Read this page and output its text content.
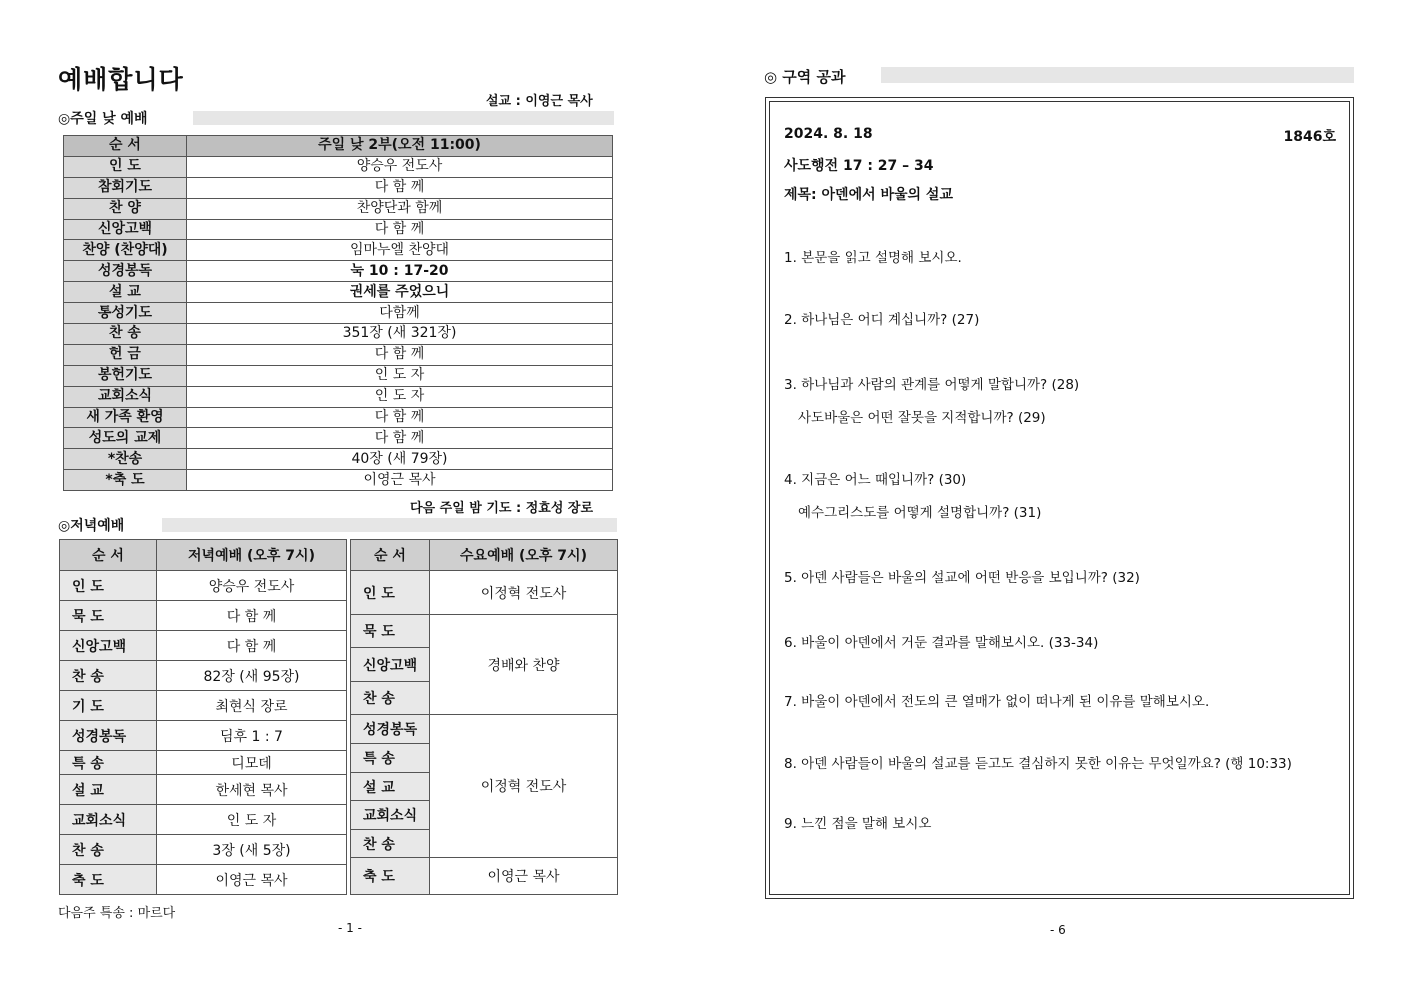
예배합니다
설교 : 이영근 목사
◎주일 낮 예배
순 서	주일 낮 2부(오전 11:00)
인 도	양승우 전도사
참회기도	다 함 께
찬 양	찬양단과 함께
신앙고백	다 함 께
찬양 (찬양대)	임마누엘 찬양대
성경봉독	눅 10 : 17-20
설 교	권세를 주었으니
통성기도	다함께
찬 송	351장 (새 321장)
헌 금	다 함 께
봉헌기도	인 도 자
교회소식	인 도 자
새 가족 환영	다 함 께
성도의 교제	다 함 께
*찬송	40장 (새 79장)
*축 도	이영근 목사
다음 주일 밤 기도 : 정효성 장로
◎저녁예배
순 서	저녁예배 (오후 7시)
인 도	양승우 전도사
묵 도	다 함 께
신앙고백	다 함 께
찬 송	82장 (새 95장)
기 도	최현식 장로
성경봉독	딤후 1 : 7
특 송	디모데
설 교	한세현 목사
교회소식	인 도 자
찬 송	3장 (새 5장)
축 도	이영근 목사
순 서	수요예배 (오후 7시)
인 도	이정혁 전도사
묵 도	경배와 찬양
신앙고백	
찬 송	
성경봉독	이정혁 전도사
특 송	
설 교	
교회소식	
찬 송	
축 도	이영근 목사
다음주 특송 : 마르다
- 1 -
◎ 구역 공과
2024. 8. 18	1846호
사도행전 17 : 27 – 34
제목: 아덴에서 바울의 설교
1. 본문을 읽고 설명해 보시오.
2. 하나님은 어디 계십니까? (27)
3. 하나님과 사람의 관계를 어떻게 말합니까? (28)
사도바울은 어떤 잘못을 지적합니까? (29)
4. 지금은 어느 때입니까? (30)
예수그리스도를 어떻게 설명합니까? (31)
5. 아덴 사람들은 바울의 설교에 어떤 반응을 보입니까? (32)
6. 바울이 아덴에서 거둔 결과를 말해보시오. (33-34)
7. 바울이 아덴에서 전도의 큰 열매가 없이 떠나게 된 이유를 말해보시오.
8. 아덴 사람들이 바울의 설교를 듣고도 결심하지 못한 이유는 무엇일까요? (행 10:33)
9. 느낀 점을 말해 보시오
- 6
